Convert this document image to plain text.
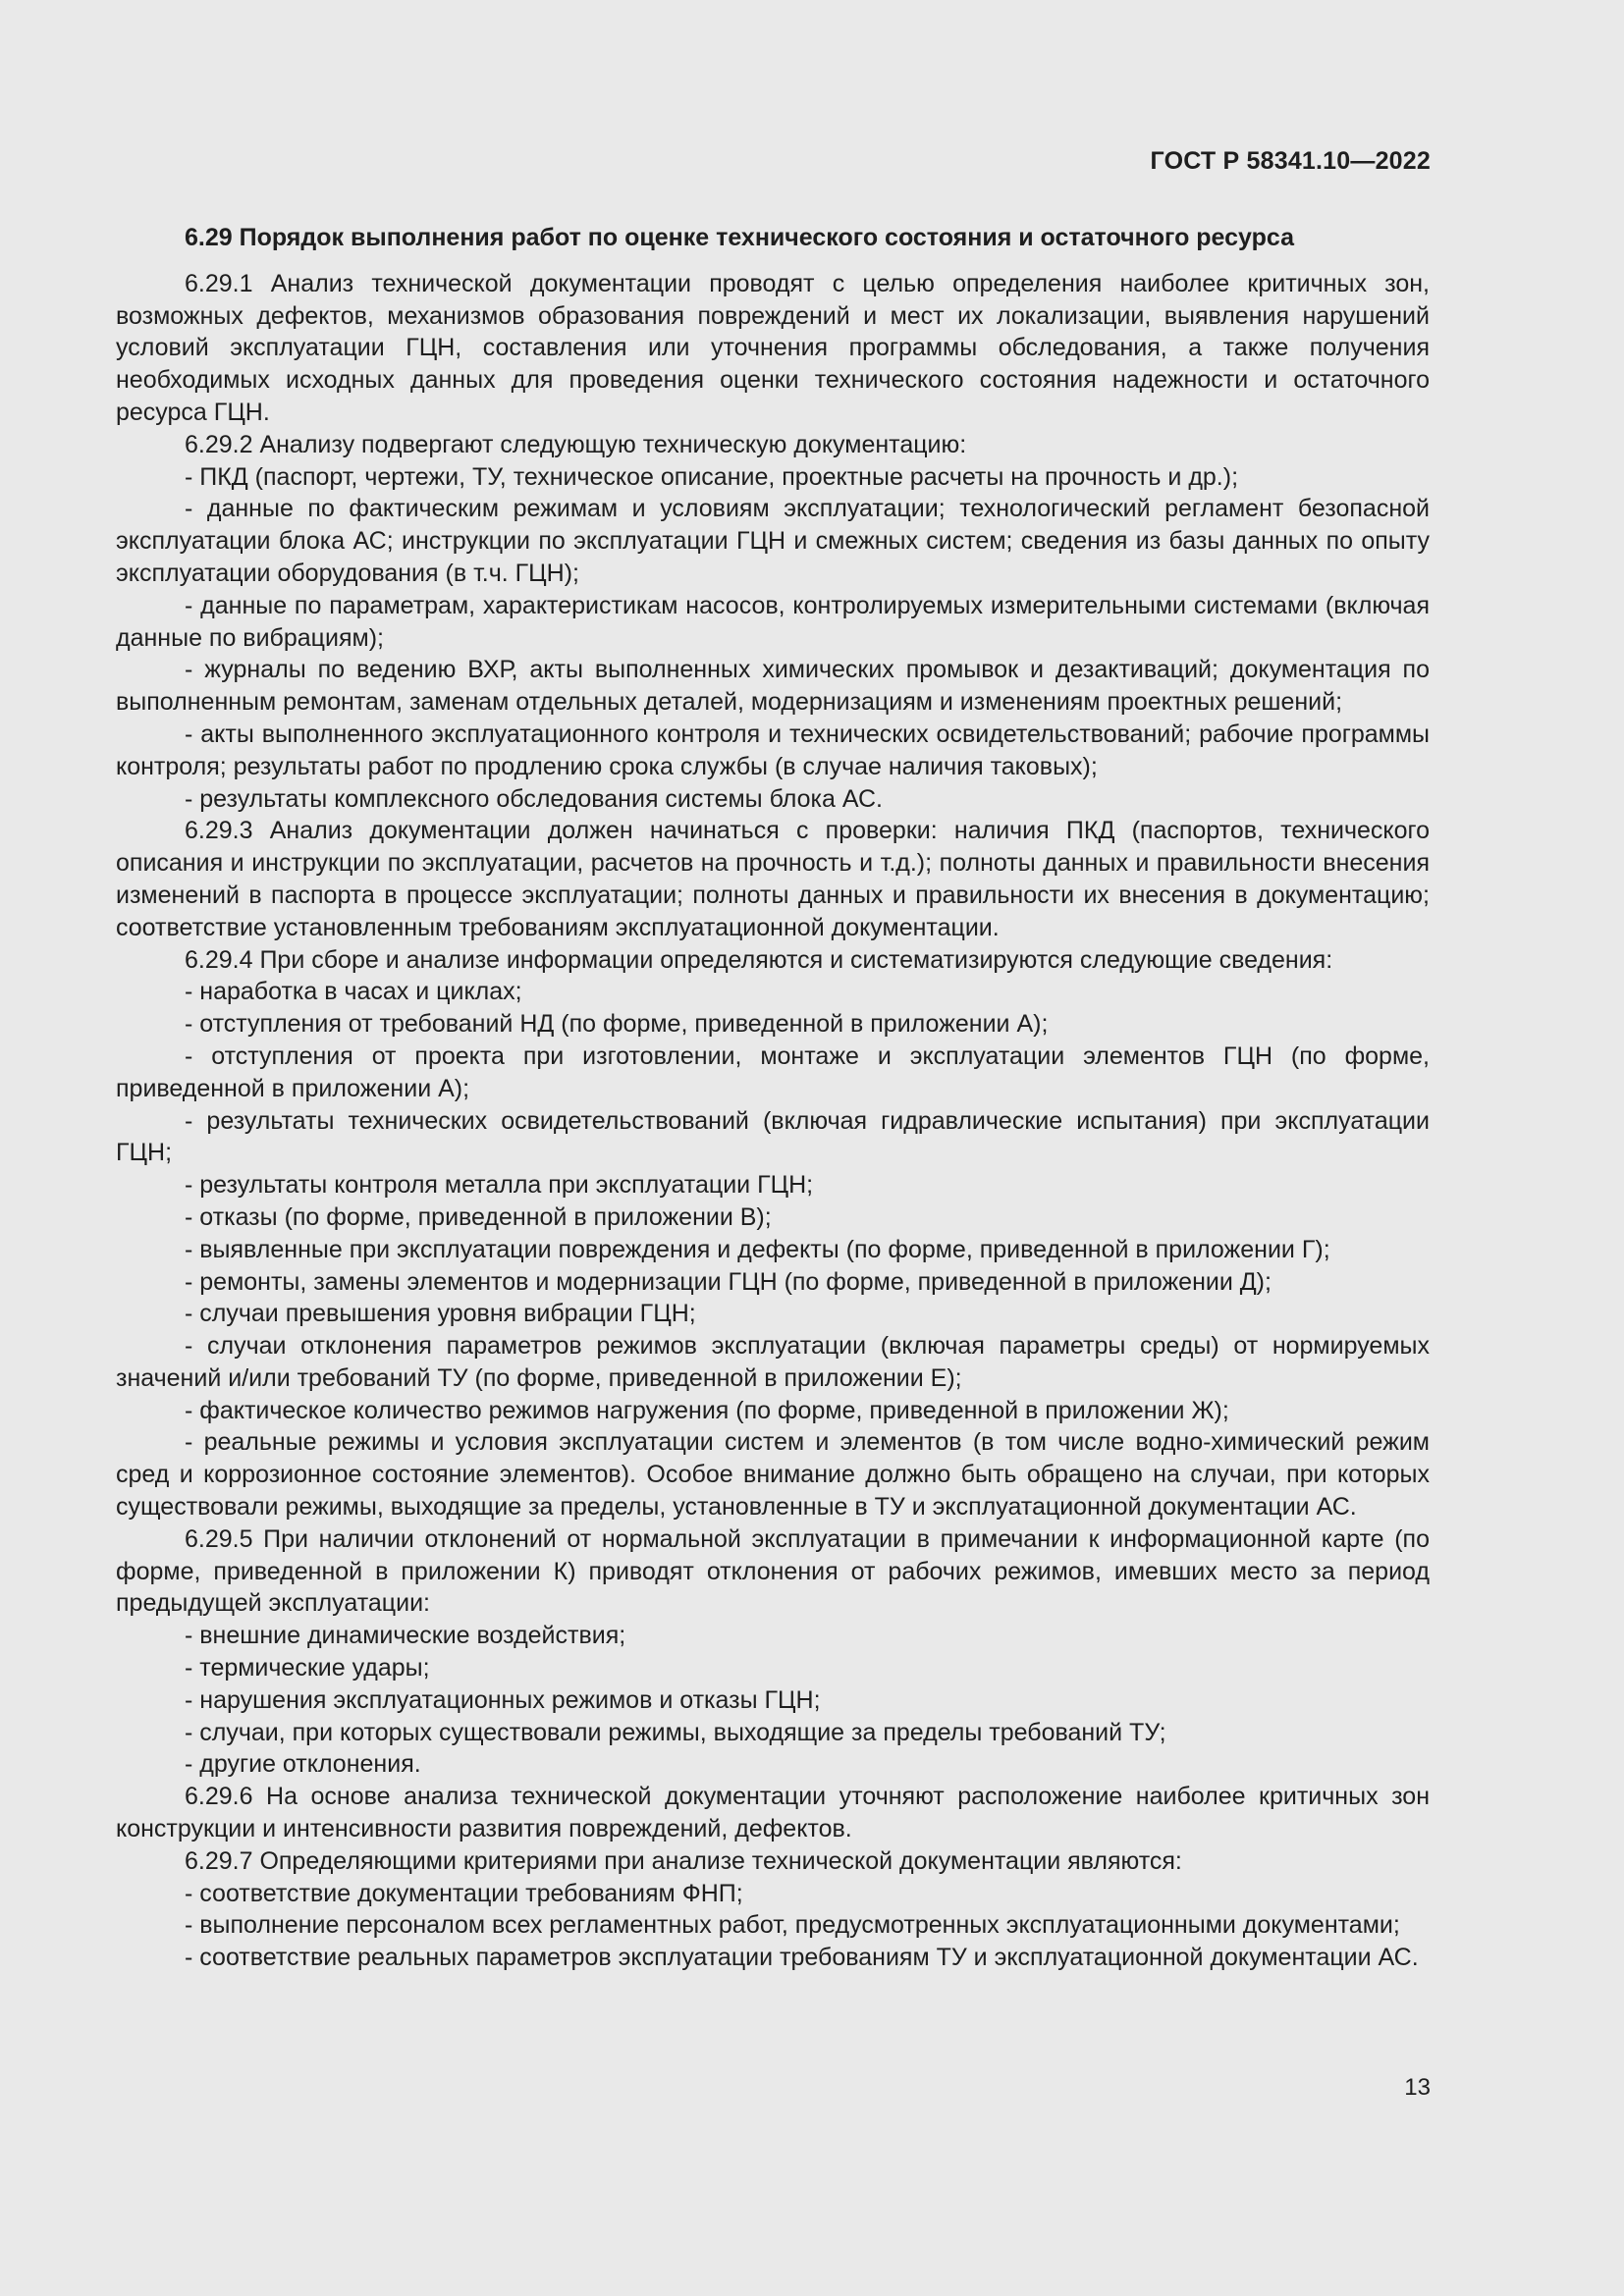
ГОСТ Р 58341.10—2022

6.29 Порядок выполнения работ по оценке технического состояния и остаточного ресурса

6.29.1 Анализ технической документации проводят с целью определения наиболее критичных зон, возможных дефектов, механизмов образования повреждений и мест их локализации, выявления нарушений условий эксплуатации ГЦН, составления или уточнения программы обследования, а также получения необходимых исходных данных для проведения оценки технического состояния надежности и остаточного ресурса ГЦН.

6.29.2 Анализу подвергают следующую техническую документацию:

- ПКД (паспорт, чертежи, ТУ, техническое описание, проектные расчеты на прочность и др.);

- данные по фактическим режимам и условиям эксплуатации; технологический регламент безопасной эксплуатации блока АС; инструкции по эксплуатации ГЦН и смежных систем; сведения из базы данных по опыту эксплуатации оборудования (в т.ч. ГЦН);

- данные по параметрам, характеристикам насосов, контролируемых измерительными системами (включая данные по вибрациям);

- журналы по ведению ВХР, акты выполненных химических промывок и дезактиваций; документация по выполненным ремонтам, заменам отдельных деталей, модернизациям и изменениям проектных решений;

- акты выполненного эксплуатационного контроля и технических освидетельствований; рабочие программы контроля; результаты работ по продлению срока службы (в случае наличия таковых);

- результаты комплексного обследования системы блока АС.

6.29.3 Анализ документации должен начинаться с проверки: наличия ПКД (паспортов, технического описания и инструкции по эксплуатации, расчетов на прочность и т.д.); полноты данных и правильности внесения изменений в паспорта в процессе эксплуатации; полноты данных и правильности их внесения в документацию; соответствие установленным требованиям эксплуатационной документации.

6.29.4 При сборе и анализе информации определяются и систематизируются следующие сведения:

- наработка в часах и циклах;

- отступления от требований НД (по форме, приведенной в приложении А);

- отступления от проекта при изготовлении, монтаже и эксплуатации элементов ГЦН (по форме, приведенной в приложении А);

- результаты технических освидетельствований (включая гидравлические испытания) при эксплуатации ГЦН;

- результаты контроля металла при эксплуатации ГЦН;

- отказы (по форме, приведенной в приложении В);

- выявленные при эксплуатации повреждения и дефекты (по форме, приведенной в приложении Г);

- ремонты, замены элементов и модернизации ГЦН (по форме, приведенной в приложении Д);

- случаи превышения уровня вибрации ГЦН;

- случаи отклонения параметров режимов эксплуатации (включая параметры среды) от нормируемых значений и/или требований ТУ (по форме, приведенной в приложении Е);

- фактическое количество режимов нагружения (по форме, приведенной в приложении Ж);

- реальные режимы и условия эксплуатации систем и элементов (в том числе водно-химический режим сред и коррозионное состояние элементов). Особое внимание должно быть обращено на случаи, при которых существовали режимы, выходящие за пределы, установленные в ТУ и эксплуатационной документации АС.

6.29.5 При наличии отклонений от нормальной эксплуатации в примечании к информационной карте (по форме, приведенной в приложении К) приводят отклонения от рабочих режимов, имевших место за период предыдущей эксплуатации:

- внешние динамические воздействия;

- термические удары;

- нарушения эксплуатационных режимов и отказы ГЦН;

- случаи, при которых существовали режимы, выходящие за пределы требований ТУ;

- другие отклонения.

6.29.6 На основе анализа технической документации уточняют расположение наиболее критичных зон конструкции и интенсивности развития повреждений, дефектов.

6.29.7 Определяющими критериями при анализе технической документации являются:

- соответствие документации требованиям ФНП;

- выполнение персоналом всех регламентных работ, предусмотренных эксплуатационными документами;

- соответствие реальных параметров эксплуатации требованиям ТУ и эксплуатационной документации АС.

13
